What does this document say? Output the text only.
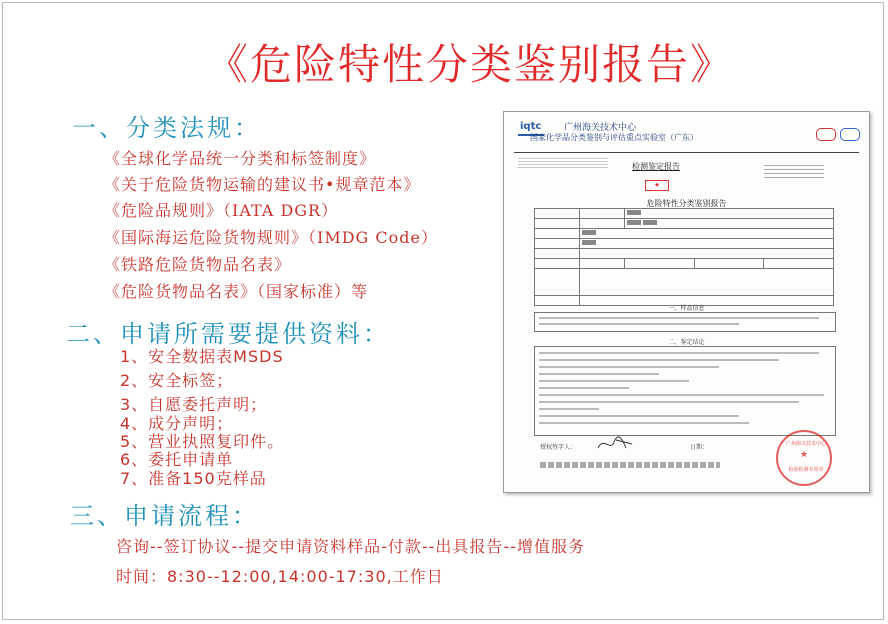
《危险特性分类鉴别报告》
一、分类法规：
《全球化学品统一分类和标签制度》
《关于危险货物运输的建议书•规章范本》
《危险品规则》（IATA DGR）
《国际海运危险货物规则》（IMDG Code）
《铁路危险货物品名表》
《危险货物品名表》（国家标准）等
二、申请所需要提供资料：
1、安全数据表MSDS
2、安全标签；
3、自愿委托声明；
4、成分声明；
5、营业执照复印件。
6、委托申请单
7、准备150克样品
三、申请流程：
咨询--签订协议--提交申请资料样品-付款--出具报告--增值服务
时间：8:30--12:00,14:00-17:30,工作日
iqtc	广州海关技术中心
国家化学品分类鉴别与评估重点实验室（广东）
检测鉴定报告
◆
危险特性分类鉴别报告

一、样品信息
二、鉴定结论
授权签字人：	日期：	广州海关技术中心
★
检验检测专用章
